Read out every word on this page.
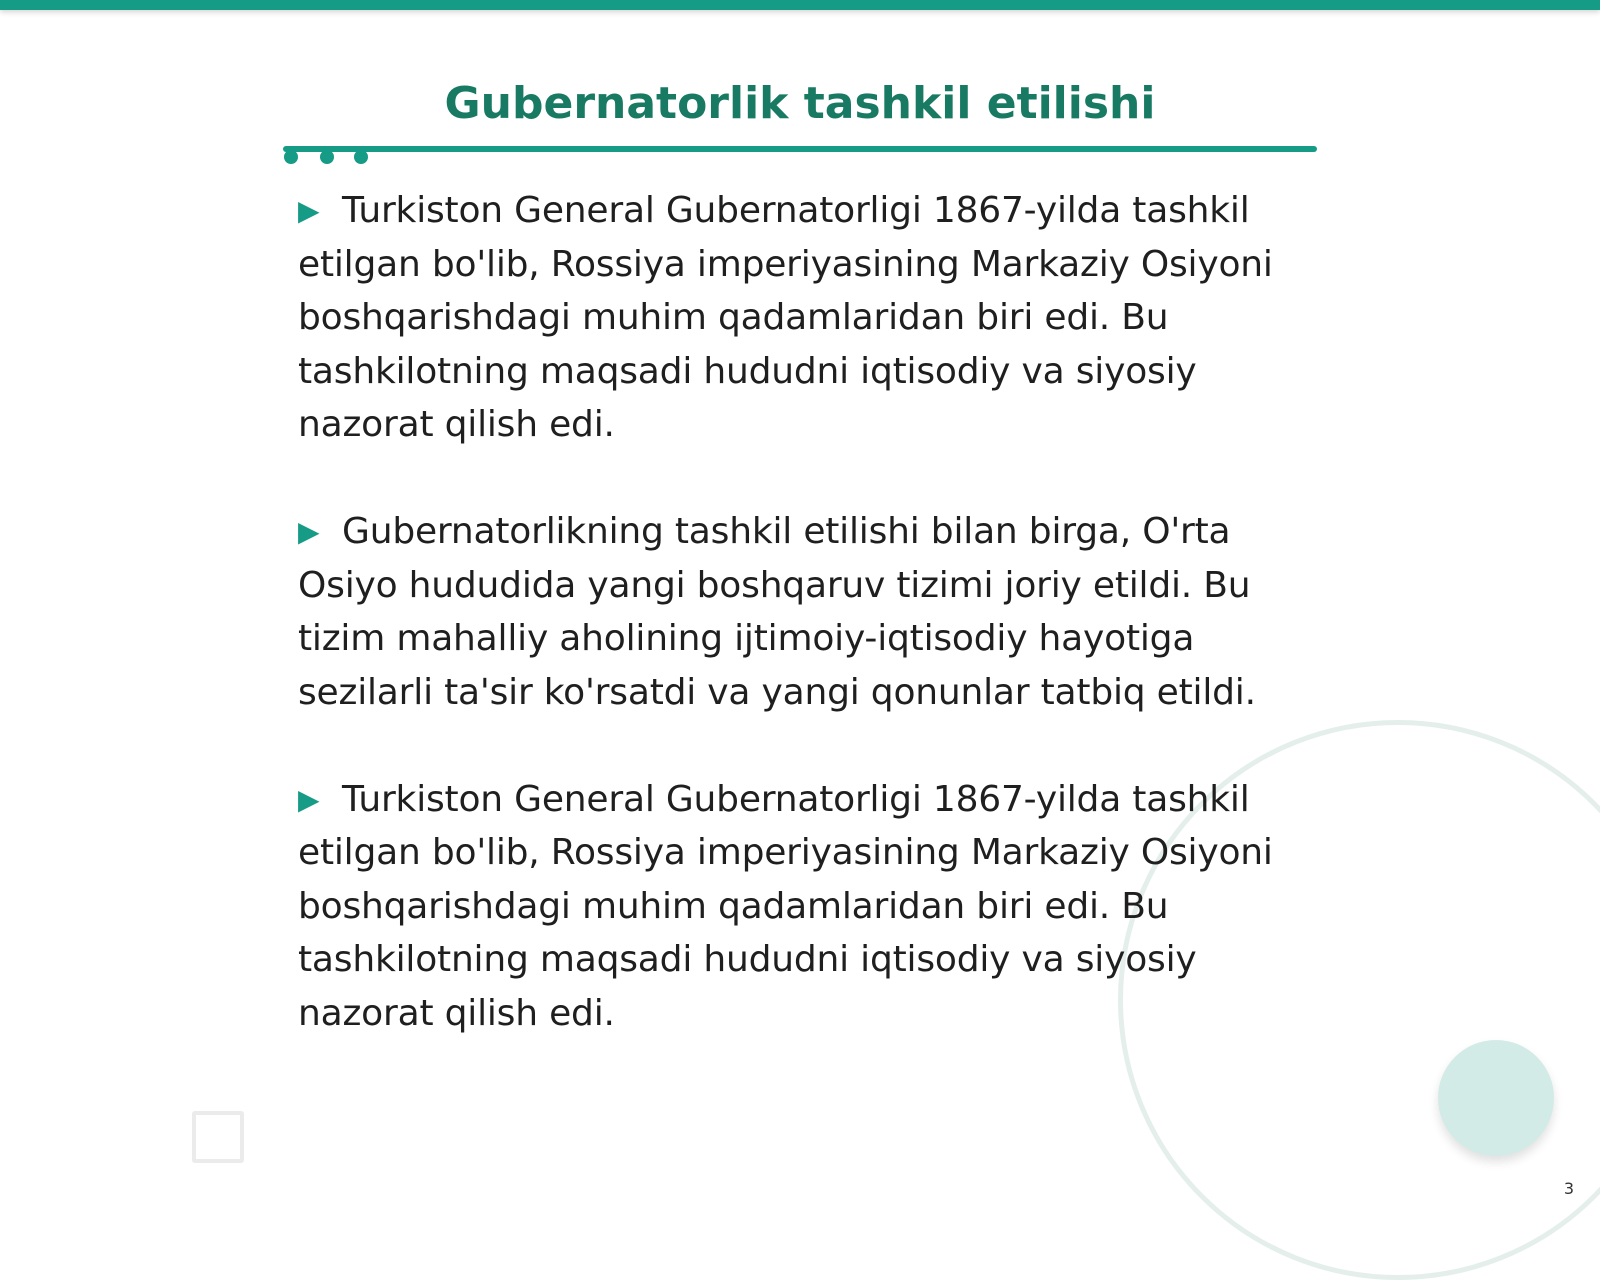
Gubernatorlik tashkil etilishi

▶ Turkiston General Gubernatorligi 1867-yilda tashkil etilgan bo'lib, Rossiya imperiyasining Markaziy Osiyoni boshqarishdagi muhim qadamlaridan biri edi. Bu tashkilotning maqsadi hududni iqtisodiy va siyosiy nazorat qilish edi.

▶ Gubernatorlikning tashkil etilishi bilan birga, O'rta Osiyo hududida yangi boshqaruv tizimi joriy etildi. Bu tizim mahalliy aholining ijtimoiy-iqtisodiy hayotiga sezilarli ta'sir ko'rsatdi va yangi qonunlar tatbiq etildi.

▶ Turkiston General Gubernatorligi 1867-yilda tashkil etilgan bo'lib, Rossiya imperiyasining Markaziy Osiyoni boshqarishdagi muhim qadamlaridan biri edi. Bu tashkilotning maqsadi hududni iqtisodiy va siyosiy nazorat qilish edi.

3
